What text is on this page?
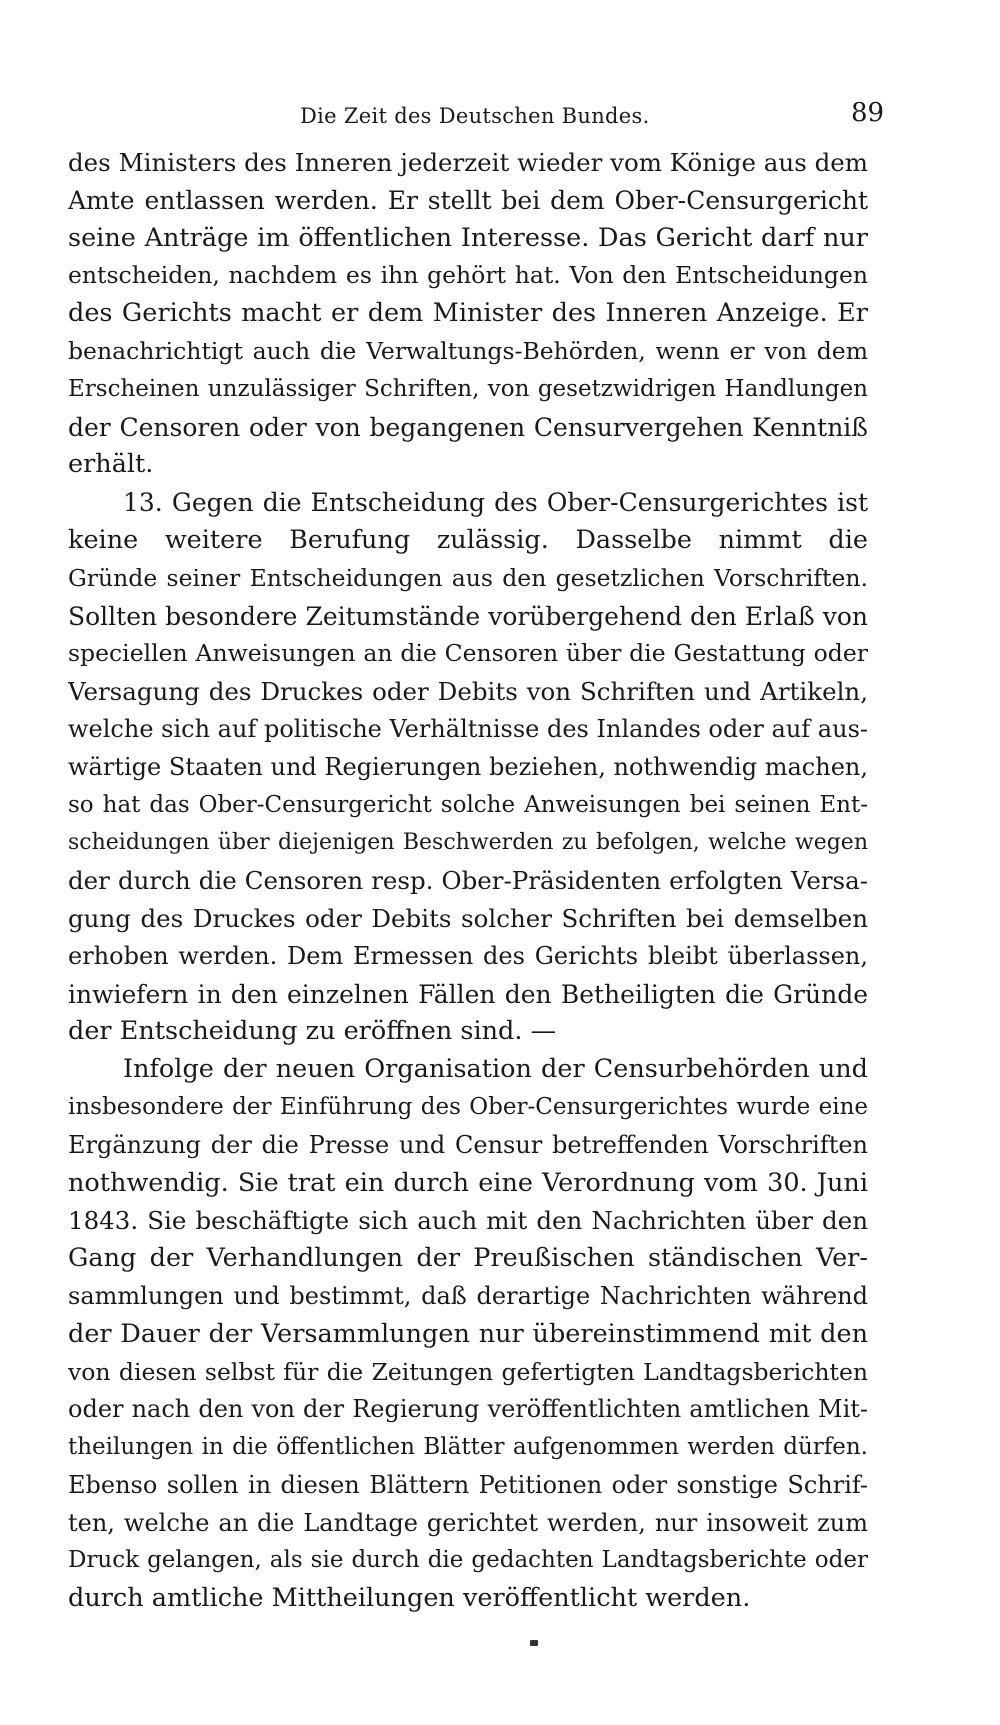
Die Zeit des Deutschen Bundes.	89
des Ministers des Inneren jederzeit wieder vom Könige aus dem
Amte entlassen werden. Er stellt bei dem Ober-Censurgericht
seine Anträge im öffentlichen Interesse. Das Gericht darf nur
entscheiden, nachdem es ihn gehört hat. Von den Entscheidungen
des Gerichts macht er dem Minister des Inneren Anzeige. Er
benachrichtigt auch die Verwaltungs-Behörden, wenn er von dem
Erscheinen unzulässiger Schriften, von gesetzwidrigen Handlungen
der Censoren oder von begangenen Censurvergehen Kenntniß
erhält.
13. Gegen die Entscheidung des Ober-Censurgerichtes ist
keine weitere Berufung zulässig. Dasselbe nimmt die
Gründe seiner Entscheidungen aus den gesetzlichen Vorschriften.
Sollten besondere Zeitumstände vorübergehend den Erlaß von
speciellen Anweisungen an die Censoren über die Gestattung oder
Versagung des Druckes oder Debits von Schriften und Artikeln,
welche sich auf politische Verhältnisse des Inlandes oder auf aus-
wärtige Staaten und Regierungen beziehen, nothwendig machen,
so hat das Ober-Censurgericht solche Anweisungen bei seinen Ent-
scheidungen über diejenigen Beschwerden zu befolgen, welche wegen
der durch die Censoren resp. Ober-Präsidenten erfolgten Versa-
gung des Druckes oder Debits solcher Schriften bei demselben
erhoben werden. Dem Ermessen des Gerichts bleibt überlassen,
inwiefern in den einzelnen Fällen den Betheiligten die Gründe
der Entscheidung zu eröffnen sind. —
Infolge der neuen Organisation der Censurbehörden und
insbesondere der Einführung des Ober-Censurgerichtes wurde eine
Ergänzung der die Presse und Censur betreffenden Vorschriften
nothwendig. Sie trat ein durch eine Verordnung vom 30. Juni
1843. Sie beschäftigte sich auch mit den Nachrichten über den
Gang der Verhandlungen der Preußischen ständischen Ver-
sammlungen und bestimmt, daß derartige Nachrichten während
der Dauer der Versammlungen nur übereinstimmend mit den
von diesen selbst für die Zeitungen gefertigten Landtagsberichten
oder nach den von der Regierung veröffentlichten amtlichen Mit-
theilungen in die öffentlichen Blätter aufgenommen werden dürfen.
Ebenso sollen in diesen Blättern Petitionen oder sonstige Schrif-
ten, welche an die Landtage gerichtet werden, nur insoweit zum
Druck gelangen, als sie durch die gedachten Landtagsberichte oder
durch amtliche Mittheilungen veröffentlicht werden.
